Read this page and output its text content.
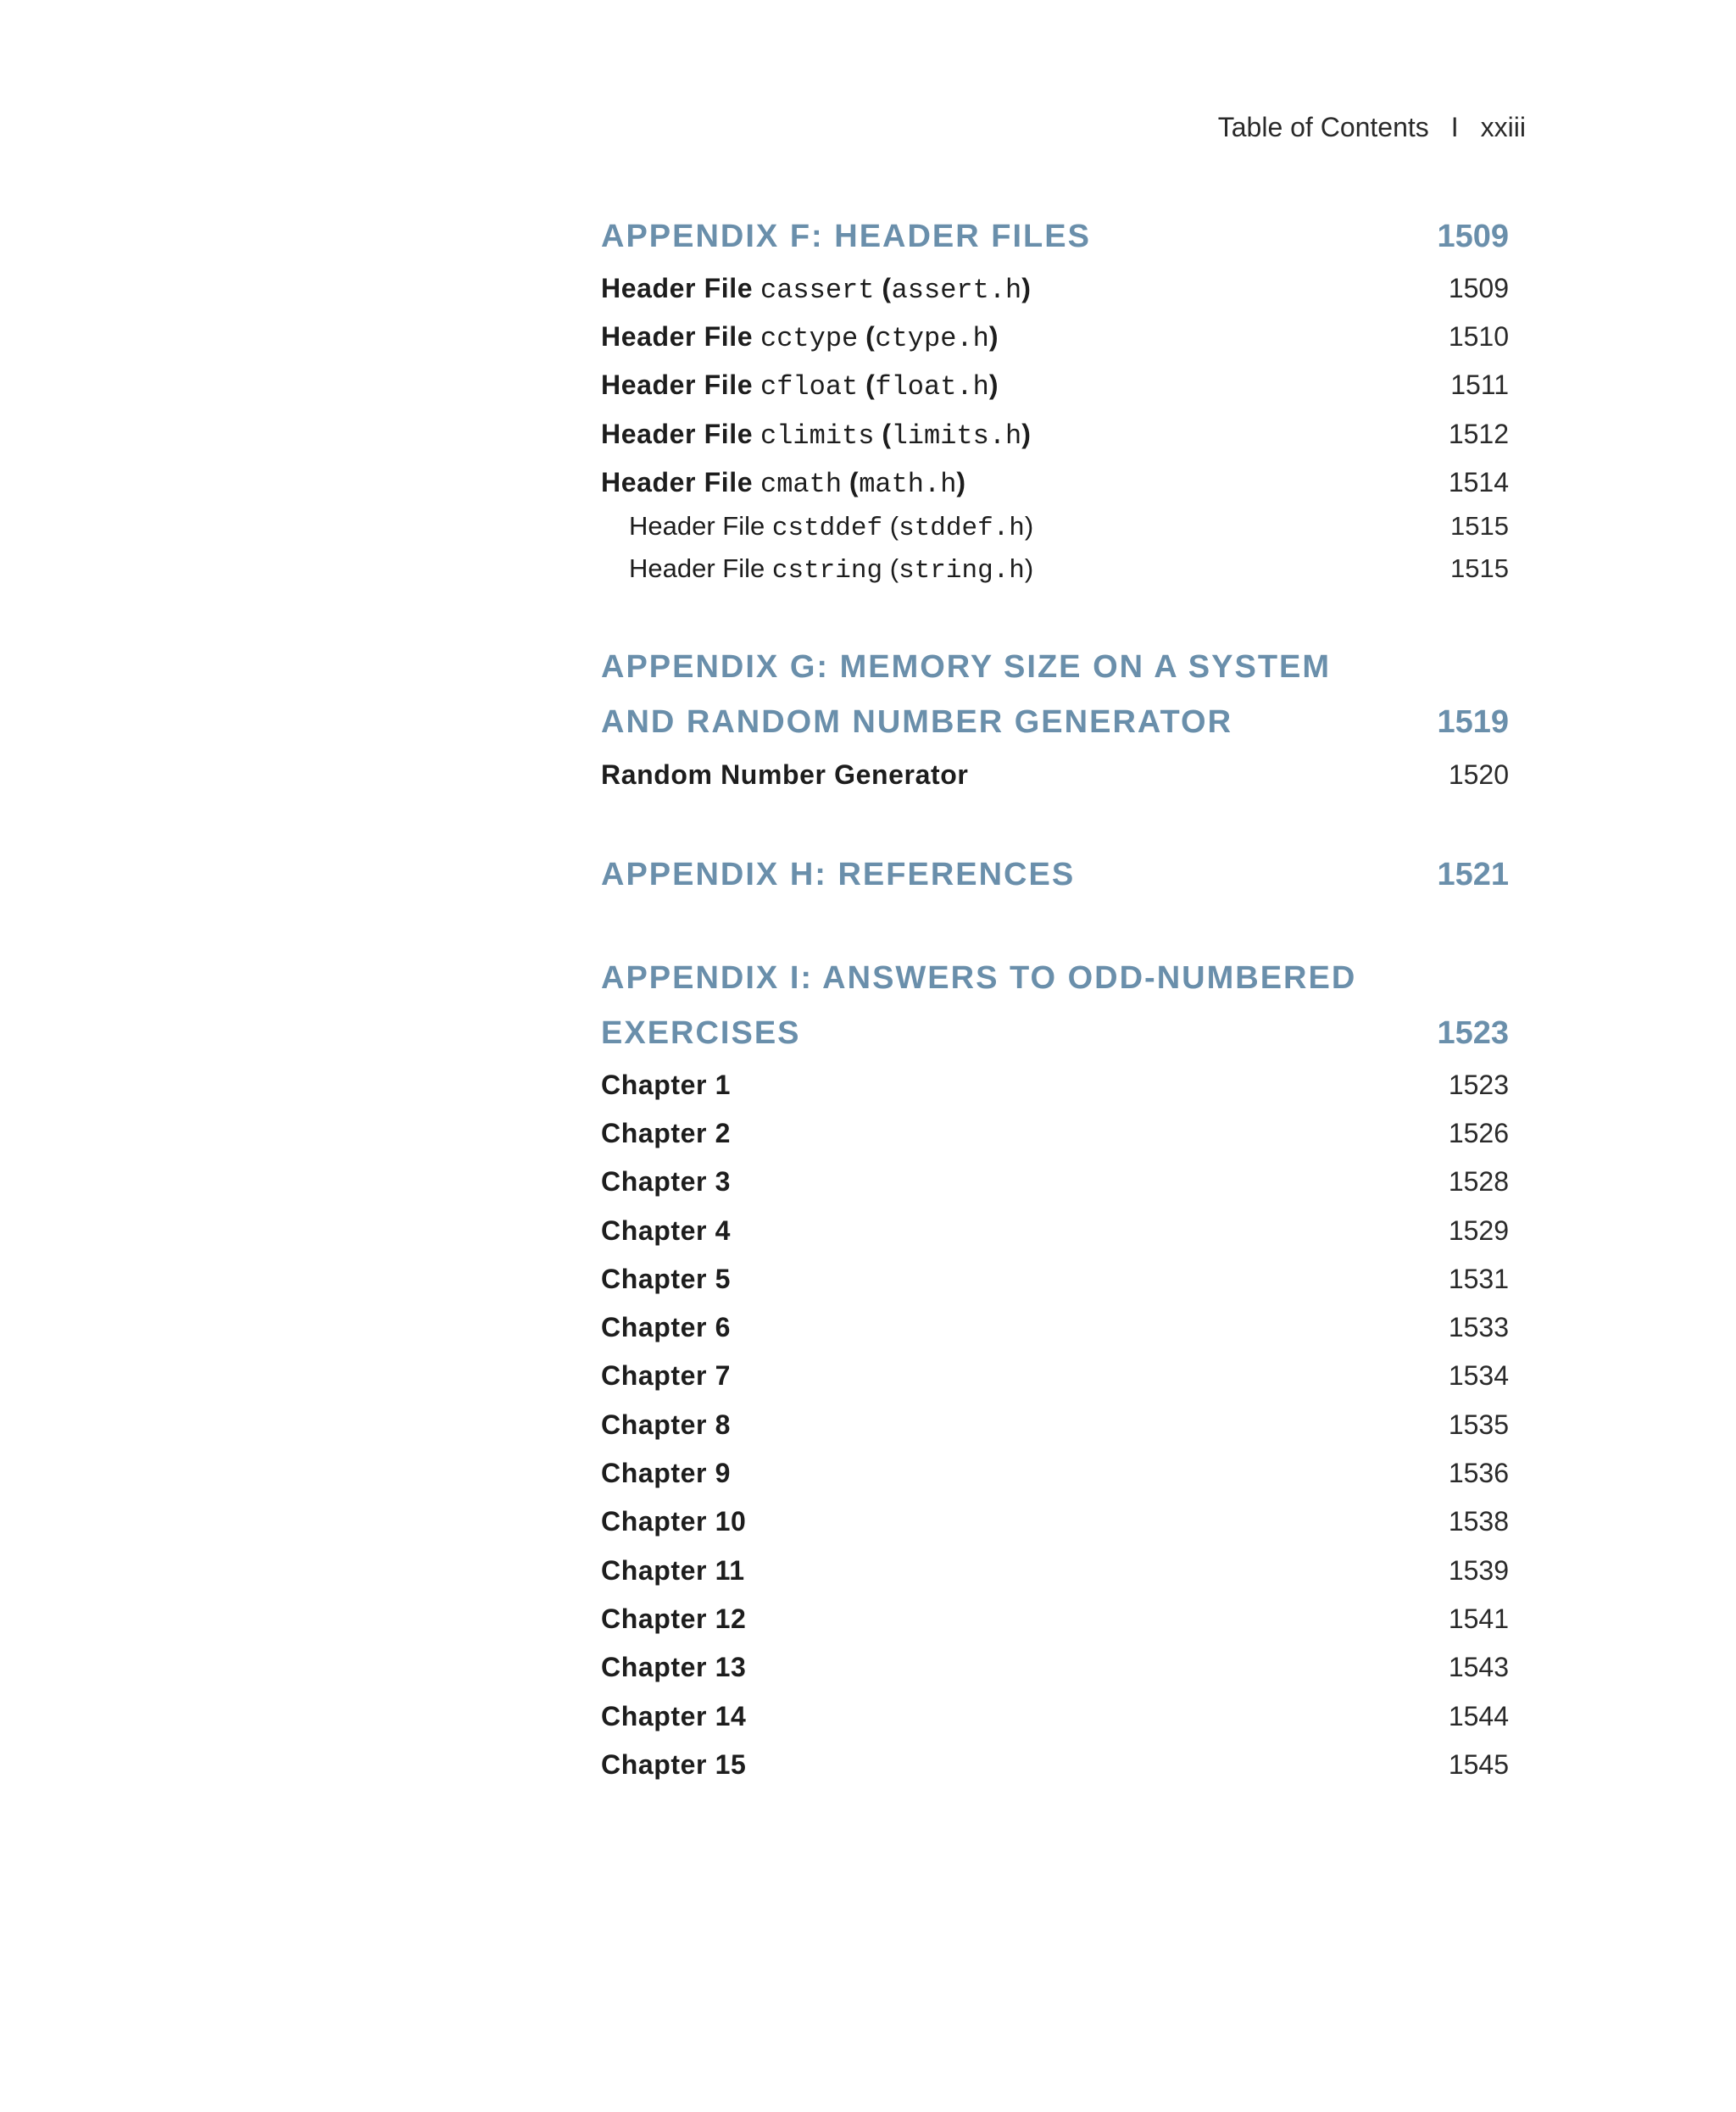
Table of Contents I xxiii
APPENDIX F: HEADER FILES	1509
Header File cassert (assert.h)	1509
Header File cctype (ctype.h)	1510
Header File cfloat (float.h)	1511
Header File climits (limits.h)	1512
Header File cmath (math.h)	1514
Header File cstddef (stddef.h)	1515
Header File cstring (string.h)	1515
APPENDIX G: MEMORY SIZE ON A SYSTEM
AND RANDOM NUMBER GENERATOR	1519
Random Number Generator	1520
APPENDIX H: REFERENCES	1521
APPENDIX I: ANSWERS TO ODD-NUMBERED
EXERCISES	1523
Chapter 1	1523
Chapter 2	1526
Chapter 3	1528
Chapter 4	1529
Chapter 5	1531
Chapter 6	1533
Chapter 7	1534
Chapter 8	1535
Chapter 9	1536
Chapter 10	1538
Chapter 11	1539
Chapter 12	1541
Chapter 13	1543
Chapter 14	1544
Chapter 15	1545
